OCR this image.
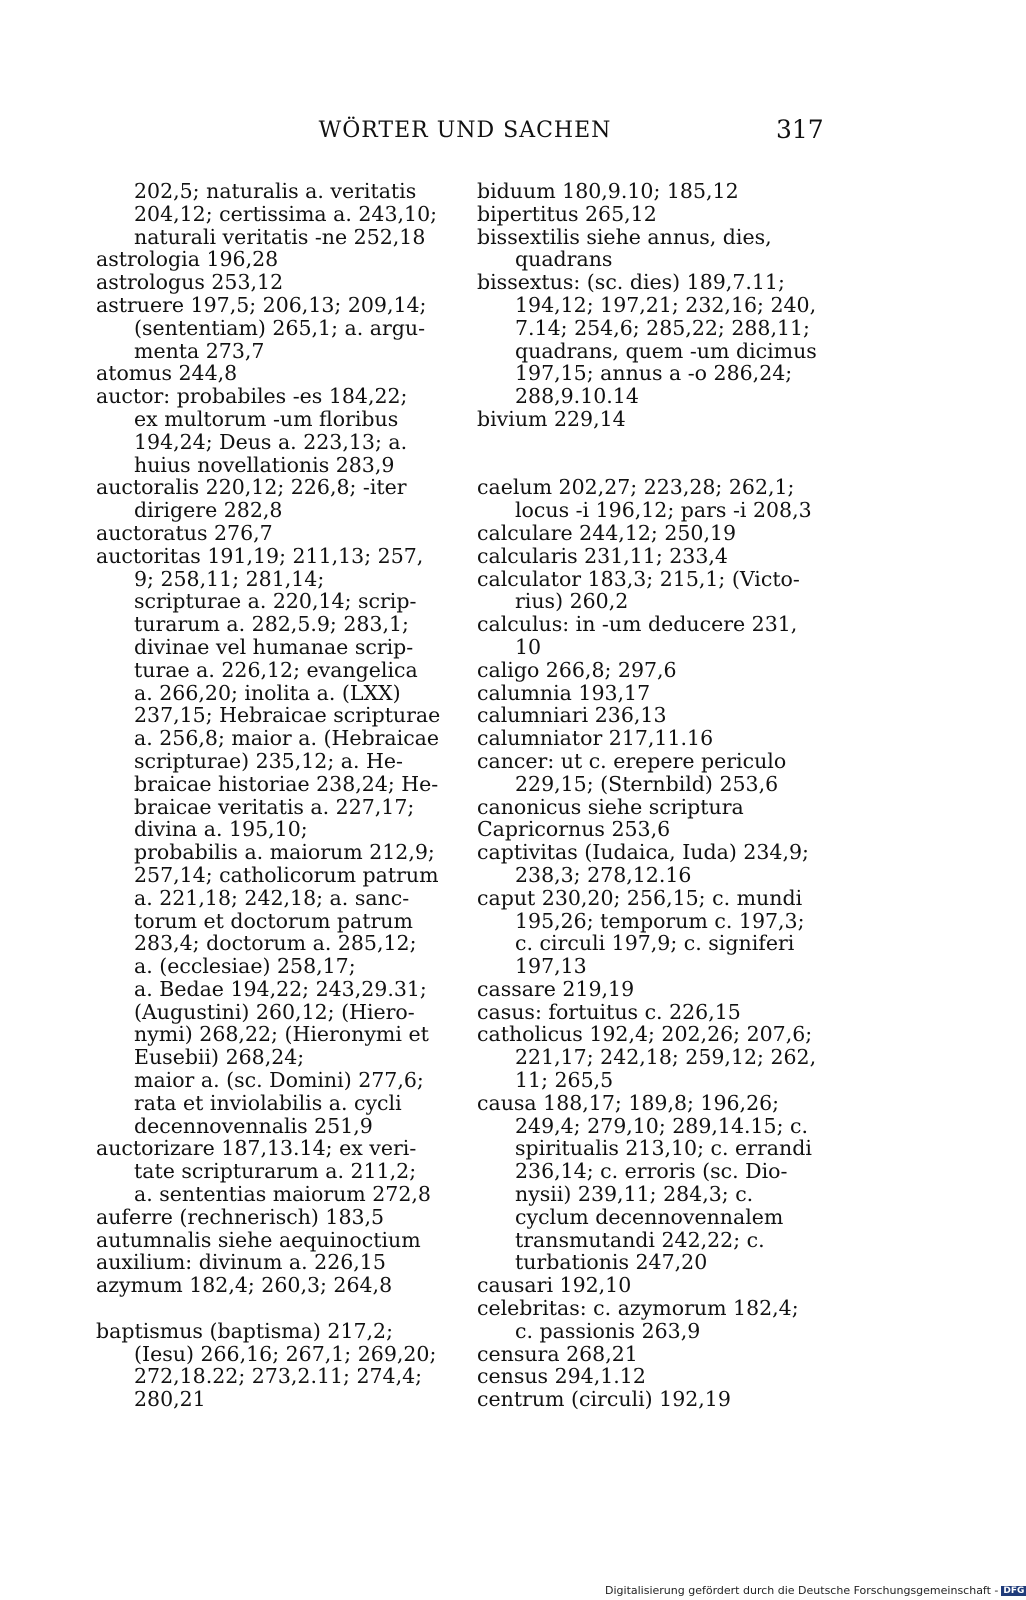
WÖRTER UND SACHEN	317
202,5; naturalis a. veritatis
204,12; certissima a. 243,10;
naturali veritatis -ne 252,18
astrologia 196,28
astrologus 253,12
astruere 197,5; 206,13; 209,14;
(sententiam) 265,1; a. argu-
menta 273,7
atomus 244,8
auctor: probabiles -es 184,22;
ex multorum -um floribus
194,24; Deus a. 223,13; a.
huius novellationis 283,9
auctoralis 220,12; 226,8; -iter
dirigere 282,8
auctoratus 276,7
auctoritas 191,19; 211,13; 257,
9; 258,11; 281,14;
scripturae a. 220,14; scrip-
turarum a. 282,5.9; 283,1;
divinae vel humanae scrip-
turae a. 226,12; evangelica
a. 266,20; inolita a. (LXX)
237,15; Hebraicae scripturae
a. 256,8; maior a. (Hebraicae
scripturae) 235,12; a. He-
braicae historiae 238,24; He-
braicae veritatis a. 227,17;
divina a. 195,10;
probabilis a. maiorum 212,9;
257,14; catholicorum patrum
a. 221,18; 242,18; a. sanc-
torum et doctorum patrum
283,4; doctorum a. 285,12;
a. (ecclesiae) 258,17;
a. Bedae 194,22; 243,29.31;
(Augustini) 260,12; (Hiero-
nymi) 268,22; (Hieronymi et
Eusebii) 268,24;
maior a. (sc. Domini) 277,6;
rata et inviolabilis a. cycli
decennovennalis 251,9
auctorizare 187,13.14; ex veri-
tate scripturarum a. 211,2;
a. sententias maiorum 272,8
auferre (rechnerisch) 183,5
autumnalis siehe aequinoctium
auxilium: divinum a. 226,15
azymum 182,4; 260,3; 264,8
baptismus (baptisma) 217,2;
(Iesu) 266,16; 267,1; 269,20;
272,18.22; 273,2.11; 274,4;
280,21
biduum 180,9.10; 185,12
bipertitus 265,12
bissextilis siehe annus, dies,
quadrans
bissextus: (sc. dies) 189,7.11;
194,12; 197,21; 232,16; 240,
7.14; 254,6; 285,22; 288,11;
quadrans, quem -um dicimus
197,15; annus a -o 286,24;
288,9.10.14
bivium 229,14
caelum 202,27; 223,28; 262,1;
locus -i 196,12; pars -i 208,3
calculare 244,12; 250,19
calcularis 231,11; 233,4
calculator 183,3; 215,1; (Victo-
rius) 260,2
calculus: in -um deducere 231,
10
caligo 266,8; 297,6
calumnia 193,17
calumniari 236,13
calumniator 217,11.16
cancer: ut c. erepere periculo
229,15; (Sternbild) 253,6
canonicus siehe scriptura
Capricornus 253,6
captivitas (Iudaica, Iuda) 234,9;
238,3; 278,12.16
caput 230,20; 256,15; c. mundi
195,26; temporum c. 197,3;
c. circuli 197,9; c. signiferi
197,13
cassare 219,19
casus: fortuitus c. 226,15
catholicus 192,4; 202,26; 207,6;
221,17; 242,18; 259,12; 262,
11; 265,5
causa 188,17; 189,8; 196,26;
249,4; 279,10; 289,14.15; c.
spiritualis 213,10; c. errandi
236,14; c. erroris (sc. Dio-
nysii) 239,11; 284,3; c.
cyclum decennovennalem
transmutandi 242,22; c.
turbationis 247,20
causari 192,10
celebritas: c. azymorum 182,4;
c. passionis 263,9
censura 268,21
census 294,1.12
centrum (circuli) 192,19
Digitalisierung gefördert durch die Deutsche Forschungsgemeinschaft - DFG
